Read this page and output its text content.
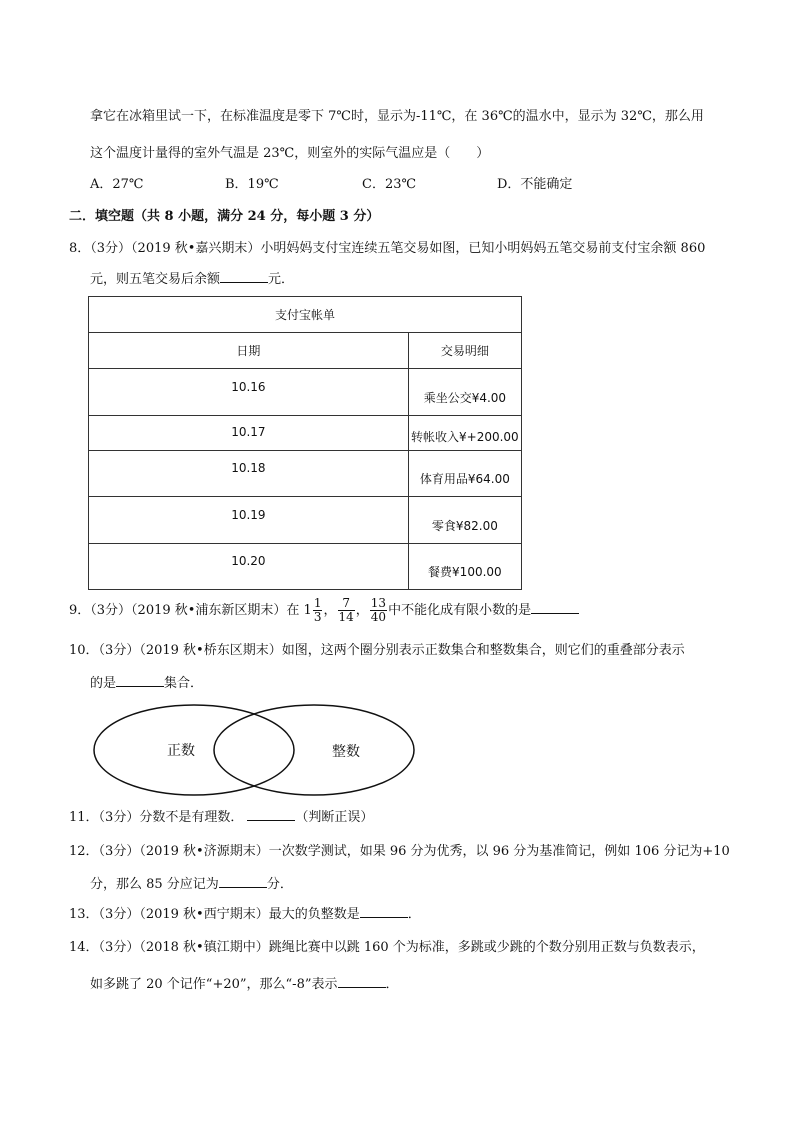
拿它在冰箱里试一下，在标准温度是零下 7℃时，显示为-11℃，在 36℃的温水中，显示为 32℃，那么用
这个温度计量得的室外气温是 23℃，则室外的实际气温应是（　　）
A．27℃	B．19℃	C．23℃	D．不能确定
二．填空题（共 8 小题，满分 24 分，每小题 3 分）
8．（3分）（2019 秋•嘉兴期末）小明妈妈支付宝连续五笔交易如图，已知小明妈妈五笔交易前支付宝余额 860
元，则五笔交易后余额	元．
支付宝帐单	
日期	交易明细
10.16	乘坐公交¥4.00
10.17	转帐收入¥+200.00
10.18	体育用品¥64.00
10.19	零食¥82.00
10.20	餐费¥100.00
9．（3分）（2019 秋•浦东新区期末）在 $1 \frac{1}{3}$ ， $\frac{7}{14}$ ， $\frac{13}{40}$ 中不能化成有限小数的是
10．（3分）（2019 秋•桥东区期末）如图，这两个圈分别表示正数集合和整数集合，则它们的重叠部分表示
的是	集合．
正数	整数
11．（3分）分数不是有理数．	（判断正误）
12．（3分）（2019 秋•济源期末）一次数学测试，如果 96 分为优秀，以 96 分为基准简记，例如 106 分记为+10
分，那么 85 分应记为	分．
13．（3分）（2019 秋•西宁期末）最大的负整数是	．
14．（3分）（2018 秋•镇江期中）跳绳比赛中以跳 160 个为标准，多跳或少跳的个数分别用正数与负数表示，
如多跳了 20 个记作“+20”，那么“-8”表示	．
